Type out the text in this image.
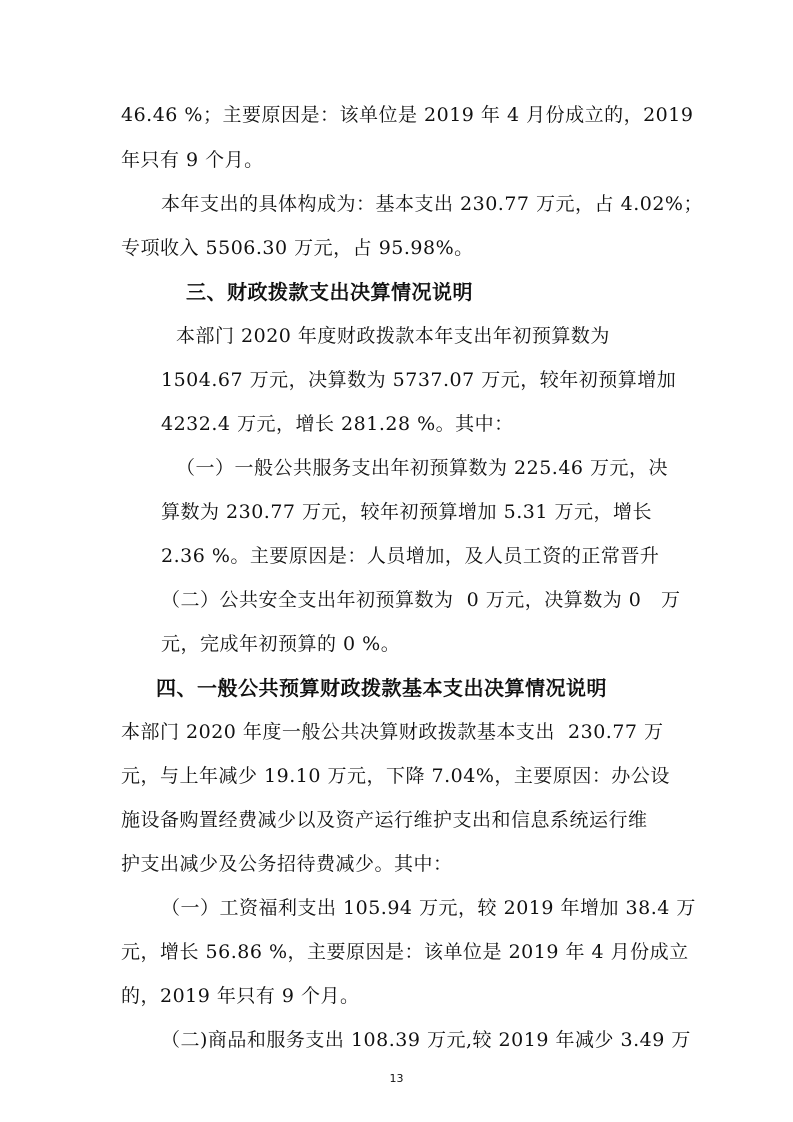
46.46 %；主要原因是：该单位是 2019 年 4 月份成立的，2019
年只有 9 个月。
本年支出的具体构成为：基本支出 230.77 万元，占 4.02%；
专项收入 5506.30 万元，占 95.98%。
三、财政拨款支出决算情况说明
本部门 2020 年度财政拨款本年支出年初预算数为
1504.67 万元，决算数为 5737.07 万元，较年初预算增加
4232.4 万元，增长 281.28 %。其中：
（一）一般公共服务支出年初预算数为 225.46 万元，决
算数为 230.77 万元，较年初预算增加 5.31 万元，增长
2.36 %。主要原因是：人员增加，及人员工资的正常晋升
（二）公共安全支出年初预算数为  0 万元，决算数为 0   万
元，完成年初预算的 0 %。
四、一般公共预算财政拨款基本支出决算情况说明
本部门 2020 年度一般公共决算财政拨款基本支出  230.77 万
元，与上年减少 19.10 万元，下降 7.04%，主要原因：办公设
施设备购置经费减少以及资产运行维护支出和信息系统运行维
护支出减少及公务招待费减少。其中：
（一）工资福利支出 105.94 万元，较 2019 年增加 38.4 万
元，增长 56.86 %，主要原因是：该单位是 2019 年 4 月份成立
的，2019 年只有 9 个月。
（二)商品和服务支出 108.39 万元,较 2019 年减少 3.49 万
13
